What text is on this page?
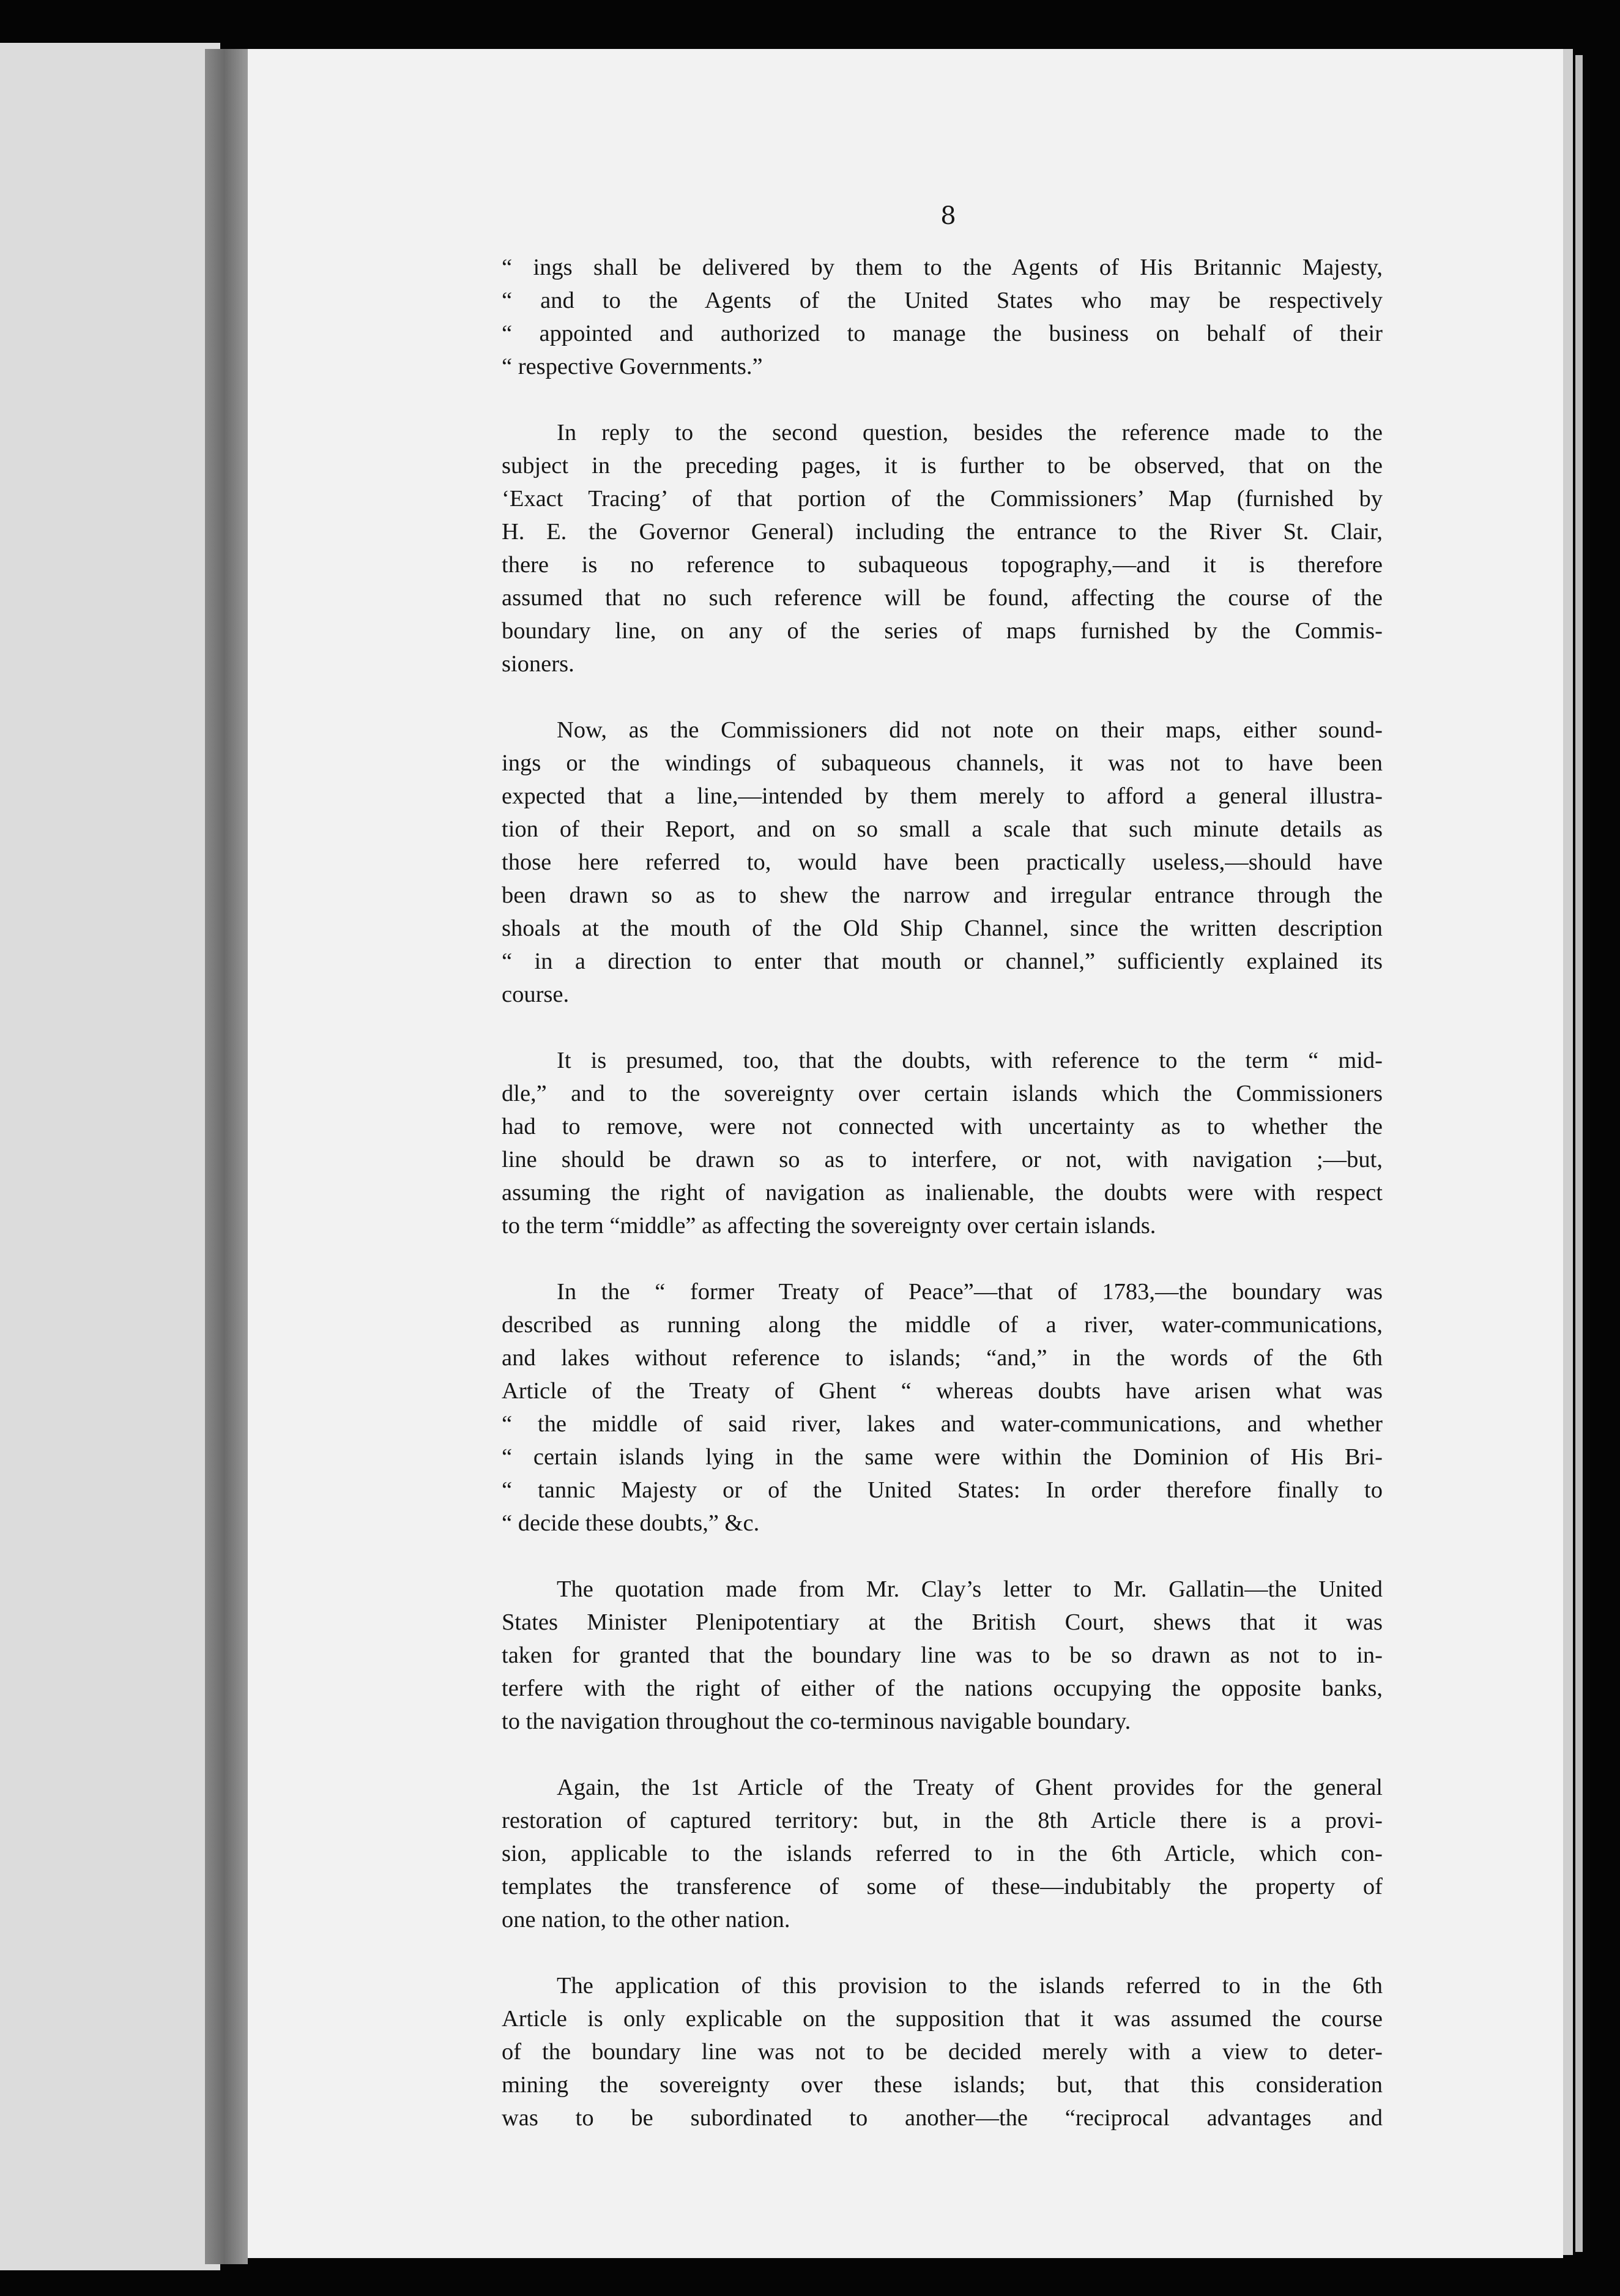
8
“ ings shall be delivered by them to the Agents of His Britannic Majesty,
“ and to the Agents of the United States who may be respectively
“ appointed and authorized to manage the business on behalf of their
“ respective Governments.”
In reply to the second question, besides the reference made to the
subject in the preceding pages, it is further to be observed, that on the
‘Exact Tracing’ of that portion of the Commissioners’ Map (furnished by
H. E. the Governor General) including the entrance to the River St. Clair,
there is no reference to subaqueous topography,—and it is therefore
assumed that no such reference will be found, affecting the course of the
boundary line, on any of the series of maps furnished by the Commis-
sioners.
Now, as the Commissioners did not note on their maps, either sound-
ings or the windings of subaqueous channels, it was not to have been
expected that a line,—intended by them merely to afford a general illustra-
tion of their Report, and on so small a scale that such minute details as
those here referred to, would have been practically useless,—should have
been drawn so as to shew the narrow and irregular entrance through the
shoals at the mouth of the Old Ship Channel, since the written description
“ in a direction to enter that mouth or channel,” sufficiently explained its
course.
It is presumed, too, that the doubts, with reference to the term “ mid-
dle,” and to the sovereignty over certain islands which the Commissioners
had to remove, were not connected with uncertainty as to whether the
line should be drawn so as to interfere, or not, with navigation ;—but,
assuming the right of navigation as inalienable, the doubts were with respect
to the term “middle” as affecting the sovereignty over certain islands.
In the “ former Treaty of Peace”—that of 1783,—the boundary was
described as running along the middle of a river, water-communications,
and lakes without reference to islands; “and,” in the words of the 6th
Article of the Treaty of Ghent “ whereas doubts have arisen what was
“ the middle of said river, lakes and water-communications, and whether
“ certain islands lying in the same were within the Dominion of His Bri-
“ tannic Majesty or of the United States: In order therefore finally to
“ decide these doubts,” &c.
The quotation made from Mr. Clay’s letter to Mr. Gallatin—the United
States Minister Plenipotentiary at the British Court, shews that it was
taken for granted that the boundary line was to be so drawn as not to in-
terfere with the right of either of the nations occupying the opposite banks,
to the navigation throughout the co-terminous navigable boundary.
Again, the 1st Article of the Treaty of Ghent provides for the general
restoration of captured territory: but, in the 8th Article there is a provi-
sion, applicable to the islands referred to in the 6th Article, which con-
templates the transference of some of these—indubitably the property of
one nation, to the other nation.
The application of this provision to the islands referred to in the 6th
Article is only explicable on the supposition that it was assumed the course
of the boundary line was not to be decided merely with a view to deter-
mining the sovereignty over these islands; but, that this consideration
was to be subordinated to another—the “reciprocal advantages and
